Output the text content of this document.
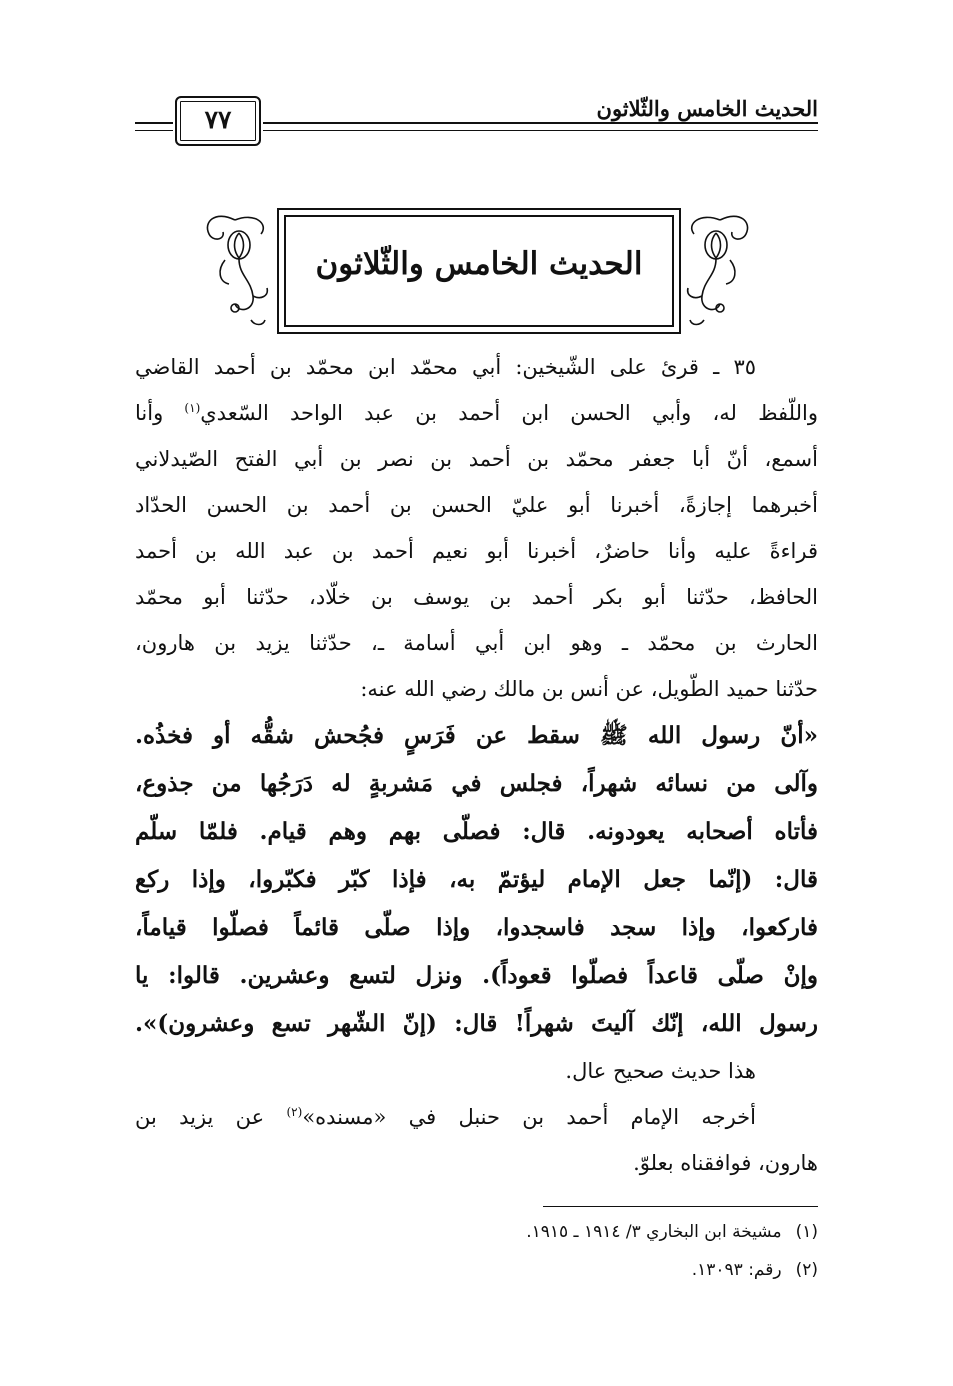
الحديث الخامس والثّلاثون
٧٧
الحديث الخامس والثّلاثون
٣٥ ـ قرئ على الشّيخين: أبي محمّد ابن محمّد بن أحمد القاضي
واللّفظ له، وأبي الحسن ابن أحمد بن عبد الواحد السّعدي$^{(١)}$ وأنا
أسمع، أنّ أبا جعفر محمّد بن أحمد بن نصر بن أبي الفتح الصّيدلاني
أخبرهما إجازةً، أخبرنا أبو عليّ الحسن بن أحمد بن الحسن الحدّاد
قراءةً عليه وأنا حاضرٌ، أخبرنا أبو نعيم أحمد بن عبد الله بن أحمد
الحافظ، حدّثنا أبو بكر أحمد بن يوسف بن خلّاد، حدّثنا أبو محمّد
الحارث بن محمّد ـ وهو ابن أبي أسامة ـ، حدّثنا يزيد بن هارون،
حدّثنا حميد الطّويل، عن أنس بن مالك رضي الله عنه:
«أنّ رسول الله ﷺ سقط عن فَرَسٍ فجُحش شقُّه أو فخذُه.
وآلى من نسائه شهراً، فجلس في مَشربةٍ له دَرَجُها من جذوع،
فأتاه أصحابه يعودونه. قال: فصلّى بهم وهم قيام. فلمّا سلّم
قال: (إنّما جعل الإمام ليؤتمّ به، فإذا كبّر فكبّروا، وإذا ركع
فاركعوا، وإذا سجد فاسجدوا، وإذا صلّى قائماً فصلّوا قياماً،
وإنْ صلّى قاعداً فصلّوا قعوداً). ونزل لتسع وعشرين. قالوا: يا
رسول الله، إنّك آليتَ شهراً! قال: (إنّ الشّهر تسع وعشرون)».
هذا حديث صحيح عال.
أخرجه الإمام أحمد بن حنبل في «مسنده»$^{(٢)}$ عن يزيد بن
هارون، فوافقناه بعلوّ.
(١)مشيخة ابن البخاري ٣/ ١٩١٤ ـ ١٩١٥.
(٢)رقم: ١٣٠٩٣.
